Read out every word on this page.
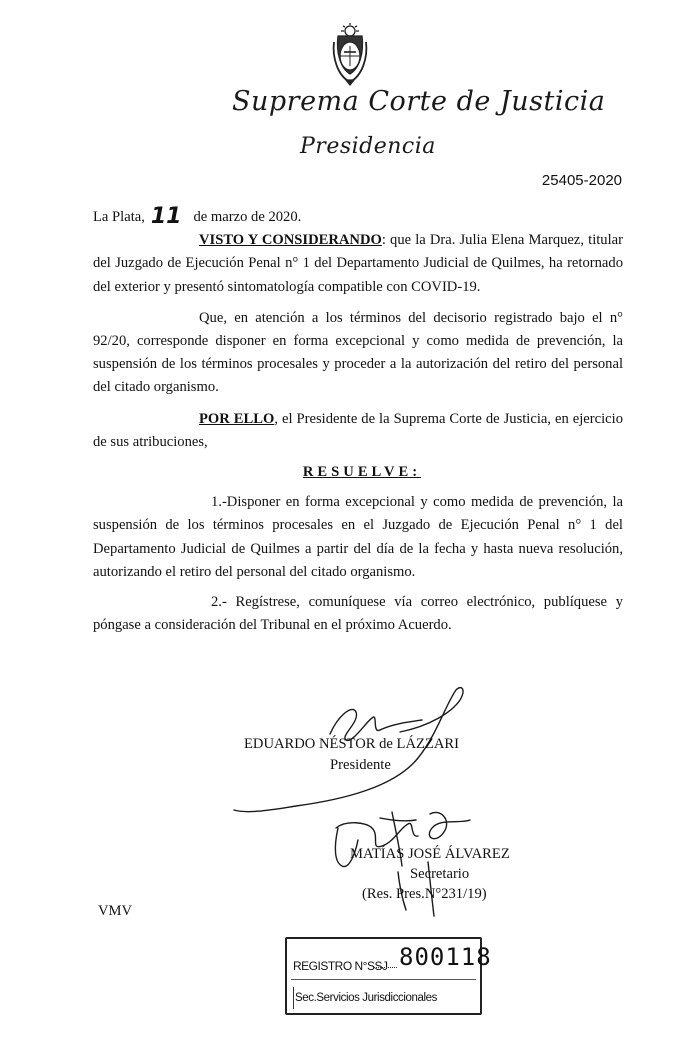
Suprema Corte de Justicia
Presidencia
25405-2020

La Plata, 11 de marzo de 2020.

VISTO Y CONSIDERANDO: que la Dra. Julia Elena Marquez, titular del Juzgado de Ejecución Penal n° 1 del Departamento Judicial de Quilmes, ha retornado del exterior y presentó sintomatología compatible con COVID-19.

Que, en atención a los términos del decisorio registrado bajo el n° 92/20, corresponde disponer en forma excepcional y como medida de prevención, la suspensión de los términos procesales y proceder a la autorización del retiro del personal del citado organismo.

POR ELLO, el Presidente de la Suprema Corte de Justicia, en ejercicio de sus atribuciones,

RESUELVE:

1.-Disponer en forma excepcional y como medida de prevención, la suspensión de los términos procesales en el Juzgado de Ejecución Penal n° 1 del Departamento Judicial de Quilmes a partir del día de la fecha y hasta nueva resolución, autorizando el retiro del personal del citado organismo.

2.- Regístrese, comuníquese vía correo electrónico, publíquese y póngase a consideración del Tribunal en el próximo Acuerdo.

EDUARDO NÉSTOR de LÁZZARI
Presidente
MATÍAS JOSÉ ÁLVAREZ
Secretario
(Res. Pres.N°231/19)
VMV
REGISTRO N°SSJ 800118
Sec.Servicios Jurisdiccionales
